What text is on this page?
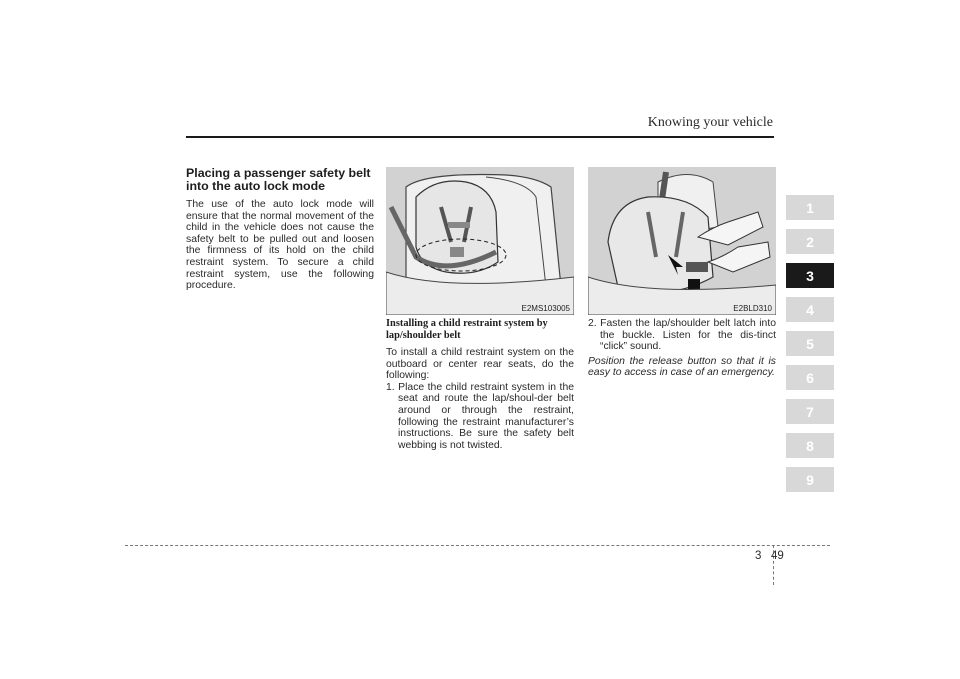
Knowing your vehicle
Placing a passenger safety belt into the auto lock mode
The use of the auto lock mode will ensure that the normal movement of the child in the vehicle does not cause the safety belt to be pulled out and loosen the firmness of its hold on the child restraint system. To secure a child restraint system, use the following procedure.
E2MS103005	E2BLD310
Installing a child restraint system by lap/shoulder belt
To install a child restraint system on the outboard or center rear seats, do the following:
1. Place the child restraint system in the seat and route the lap/shoul-der belt around or through the restraint, following the restraint manufacturer’s instructions. Be sure the safety belt webbing is not twisted.
2. Fasten the lap/shoulder belt latch into the buckle. Listen for the dis-tinct “click” sound.
Position the release button so that it is easy to access in case of an emergency.
1
2
3
4
5
6
7
8
9
3 49
